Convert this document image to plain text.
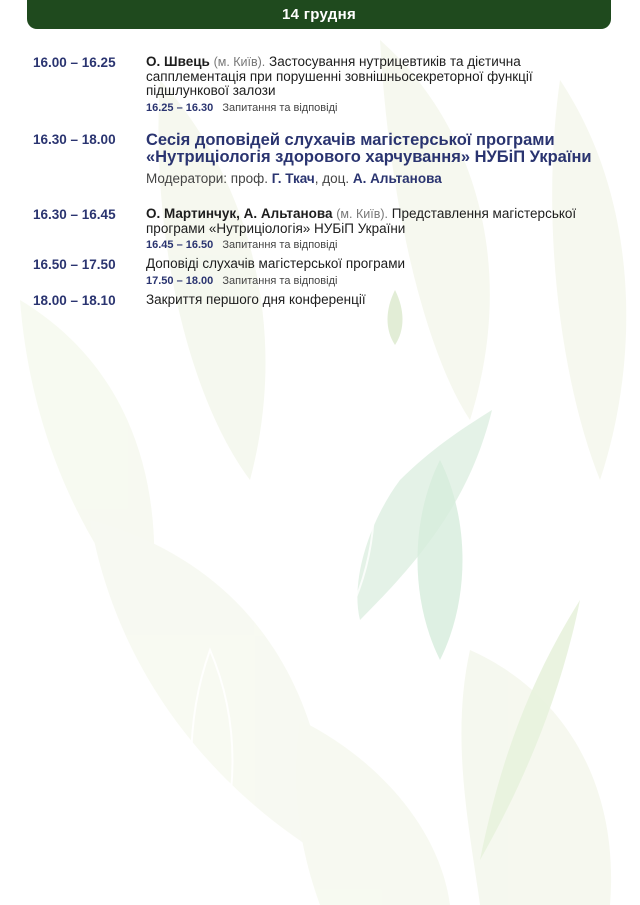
14 грудня
16.00 – 16.25	О. Швець (м. Київ). Застосування нутрицевтиків та дієтична сапплементація при порушенні зовнішньосекреторної функції підшлункової залози
16.25 – 16.30 Запитання та відповіді
16.30 – 18.00	Сесія доповідей слухачів магістерської програми «Нутриціологія здорового харчування» НУБіП України
Модератори: проф. Г. Ткач, доц. А. Альтанова
16.30 – 16.45	О. Мартинчук, А. Альтанова (м. Київ). Представлення магістерської програми «Нутриціологія» НУБіП України
16.45 – 16.50 Запитання та відповіді
16.50 – 17.50	Доповіді слухачів магістерської програми
17.50 – 18.00 Запитання та відповіді
18.00 – 18.10	Закриття першого дня конференції
